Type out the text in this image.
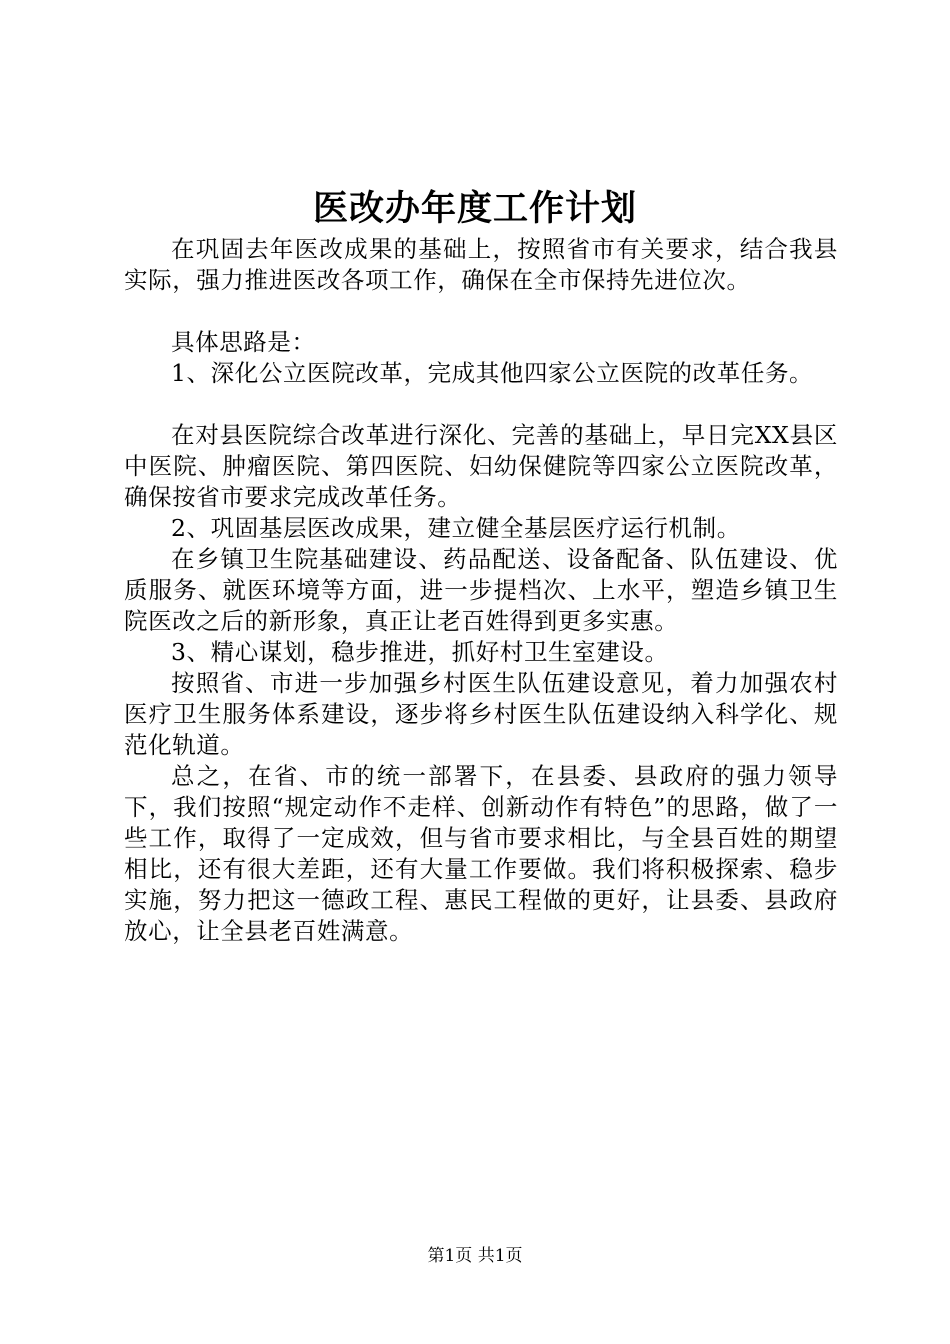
医改办年度工作计划

在巩固去年医改成果的基础上，按照省市有关要求，结合我县实际，强力推进医改各项工作，确保在全市保持先进位次。

具体思路是：

1、深化公立医院改革，完成其他四家公立医院的改革任务。

在对县医院综合改革进行深化、完善的基础上，早日完XX县区中医院、肿瘤医院、第四医院、妇幼保健院等四家公立医院改革，确保按省市要求完成改革任务。

2、巩固基层医改成果，建立健全基层医疗运行机制。

在乡镇卫生院基础建设、药品配送、设备配备、队伍建设、优质服务、就医环境等方面，进一步提档次、上水平，塑造乡镇卫生院医改之后的新形象，真正让老百姓得到更多实惠。

3、精心谋划，稳步推进，抓好村卫生室建设。

按照省、市进一步加强乡村医生队伍建设意见，着力加强农村医疗卫生服务体系建设，逐步将乡村医生队伍建设纳入科学化、规范化轨道。

总之，在省、市的统一部署下，在县委、县政府的强力领导下，我们按照“规定动作不走样、创新动作有特色”的思路，做了一些工作，取得了一定成效，但与省市要求相比，与全县百姓的期望相比，还有很大差距，还有大量工作要做。我们将积极探索、稳步实施，努力把这一德政工程、惠民工程做的更好，让县委、县政府放心，让全县老百姓满意。

第1页 共1页
